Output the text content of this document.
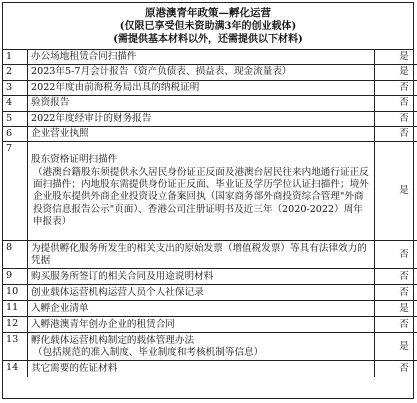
原港澳青年政策—孵化运营
(仅限已享受但未资助满3年的创业载体)
(需提供基本材料以外，还需提供以下材料)
1	办公场地租赁合同扫描件	是
2	2023年5-7月会计报告（资产负债表、损益表、现金流量表）	是
3	2022年度由前海税务局出具的纳税证明	否
4	验资报告	否
5	2022年度经审计的财务报告	否
6	企业营业执照	否
7	股东资格证明扫描件
（港澳台籍股东须提供永久居民身份证正反面及港澳台居民往来内地通行证正反面扫描件；内地股东需提供身份证正反面、毕业证及学历学位认证扫描件；境外企业股东提供外商企业投资设立备案回执（国家商务部外商投资综合管理"外商投资信息报告公示"页面）、香港公司注册证明书及近三年（2020-2022）周年申报表）	是
8	为提供孵化服务所发生的相关支出的原始发票（增值税发票）等具有法律效力的凭据	否
9	购买服务所签订的相关合同及用途说明材料	否
10	创业载体运营机构运营人员个人社保记录	否
11	入孵企业清单	是
12	入孵港澳青年创办企业的租赁合同	否
13	孵化载体运营机构制定的载体管理办法
（包括规范的准入制度、毕业制度和考核机制等信息）	是
14	其它需要的佐证材料	否
